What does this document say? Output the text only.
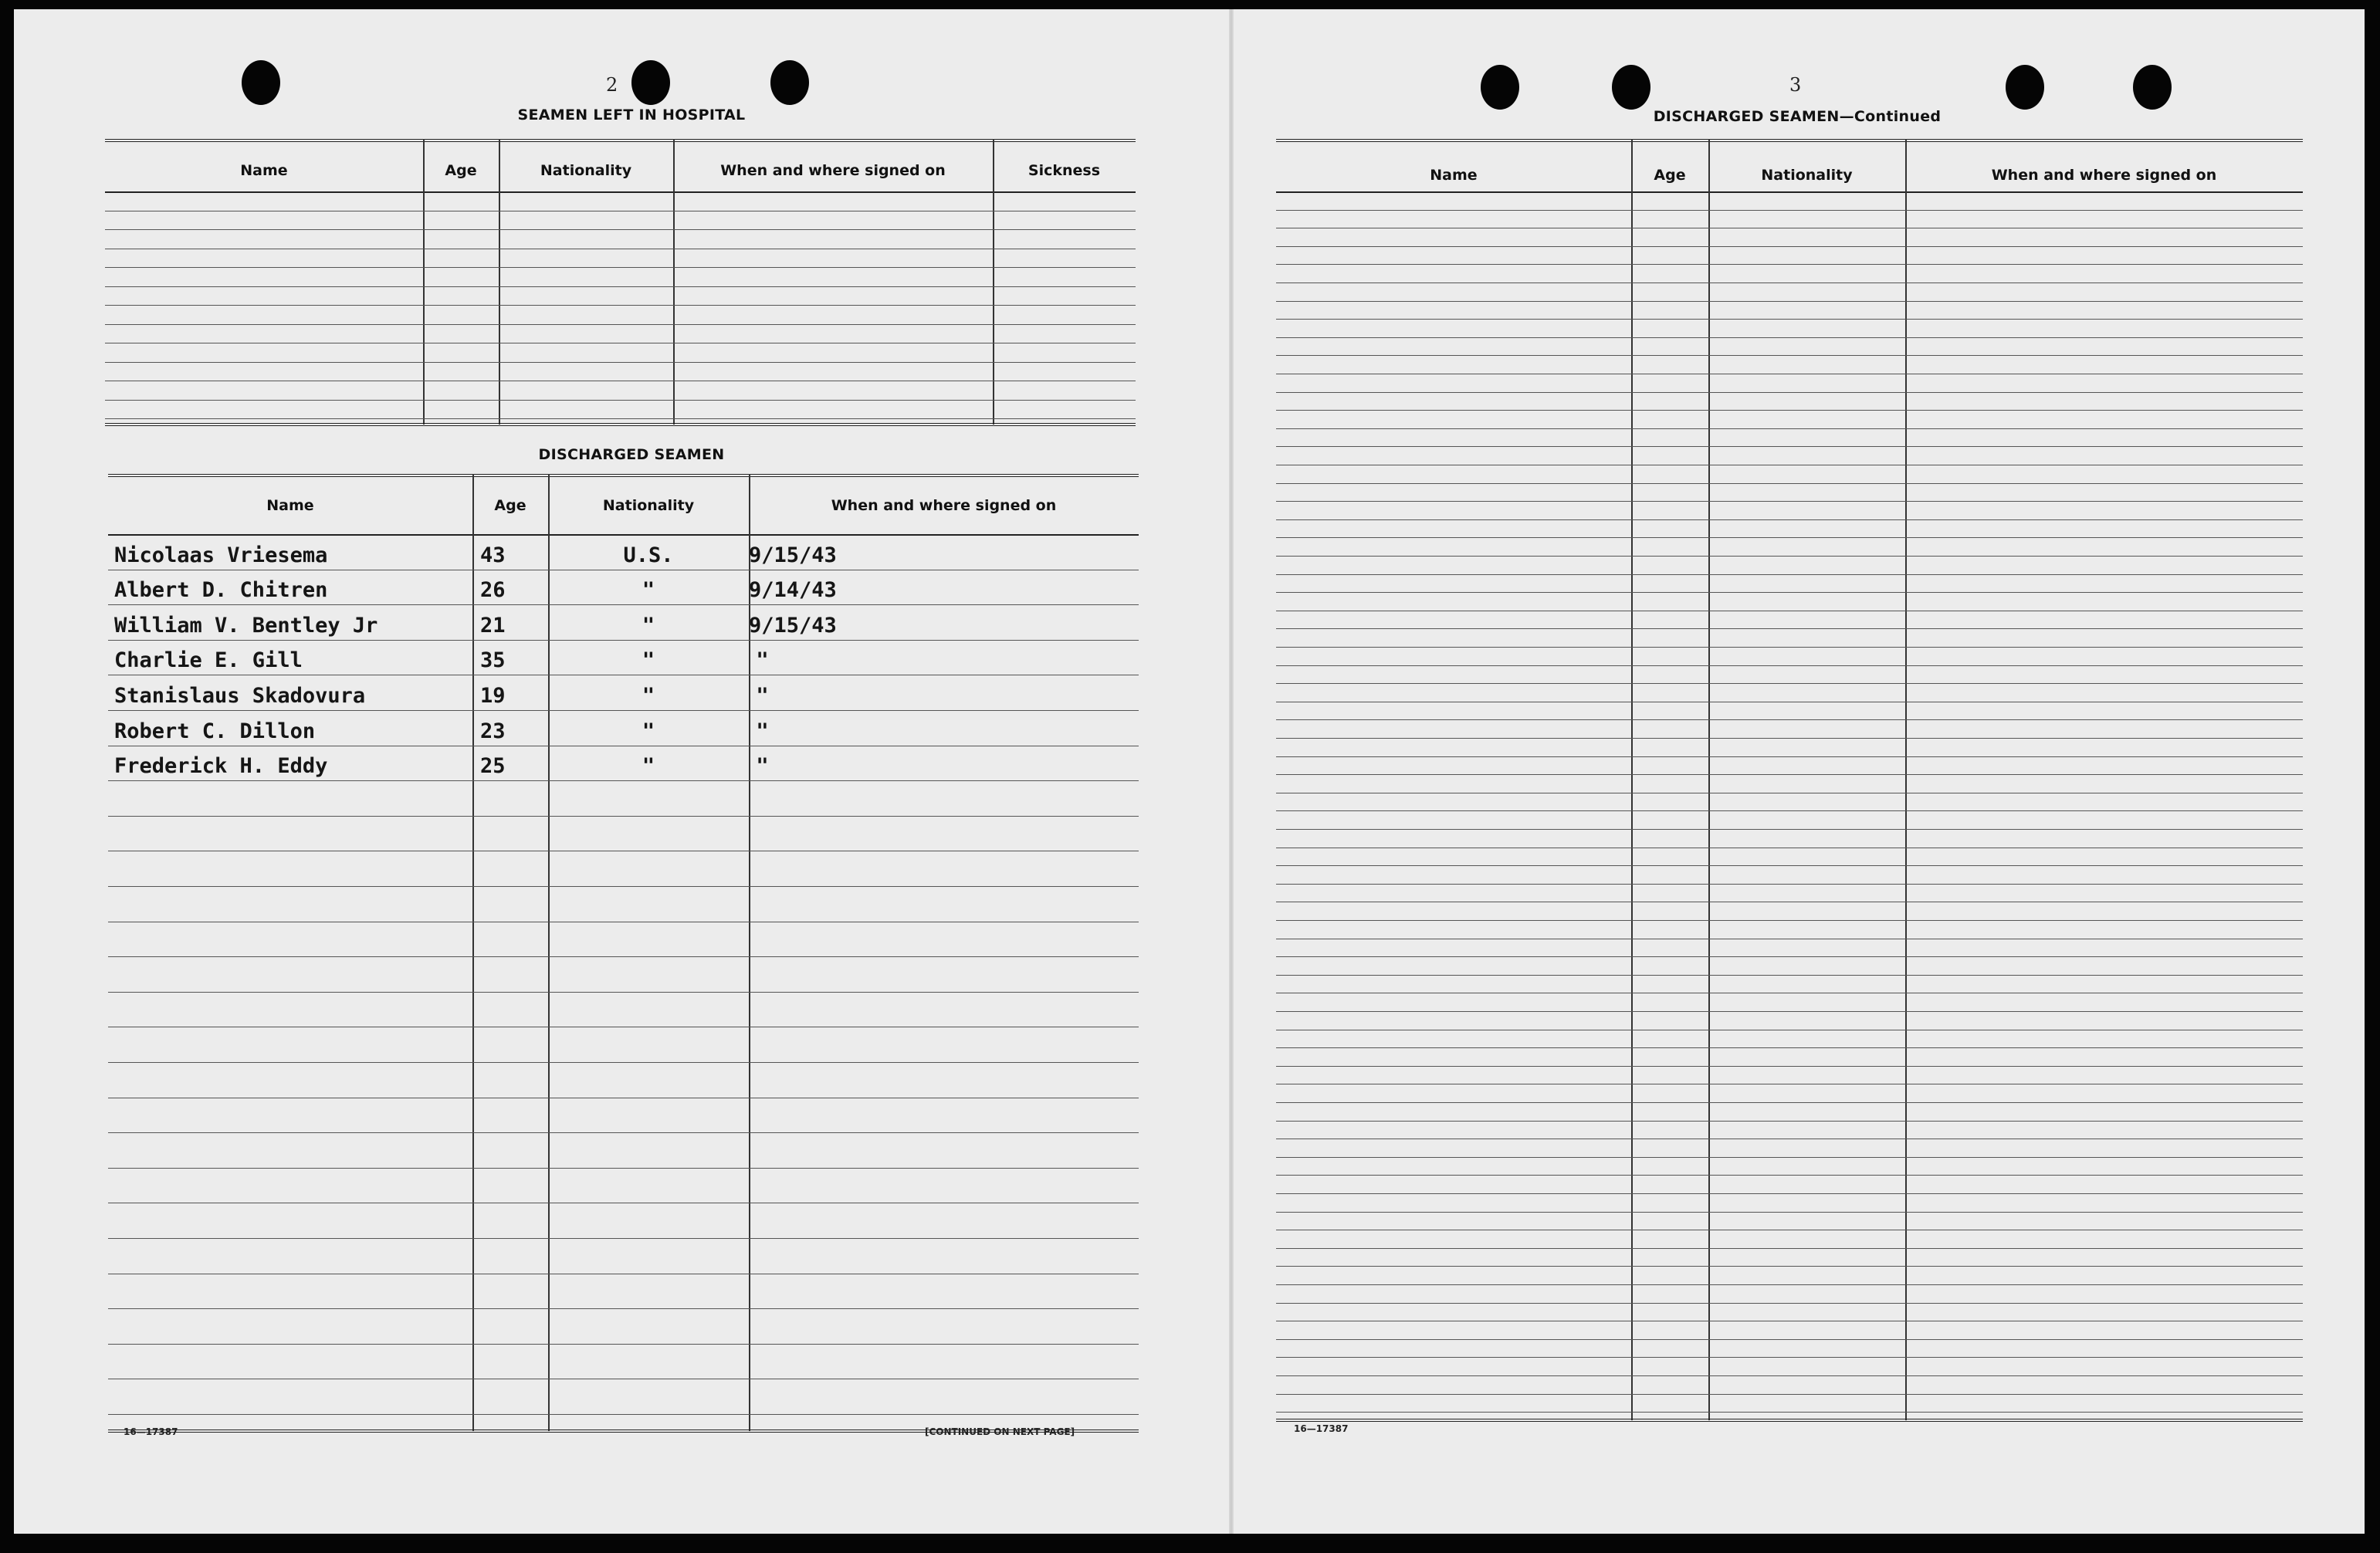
2
SEAMEN LEFT IN HOSPITAL
Name	Age	Nationality	When and where signed on	Sickness
DISCHARGED SEAMEN
Name	Age	Nationality	When and where signed on
Nicolaas Vriesema	43	U.S.	9/15/43
Albert D. Chitren	26	"	9/14/43
William V. Bentley Jr	21	"	9/15/43
Charlie E. Gill	35	"	"
Stanislaus Skadovura	19	"	"
Robert C. Dillon	23	"	"
Frederick H. Eddy	25	"	"
16—17387	[CONTINUED ON NEXT PAGE]
3
DISCHARGED SEAMEN—Continued
Name	Age	Nationality	When and where signed on
16—17387
